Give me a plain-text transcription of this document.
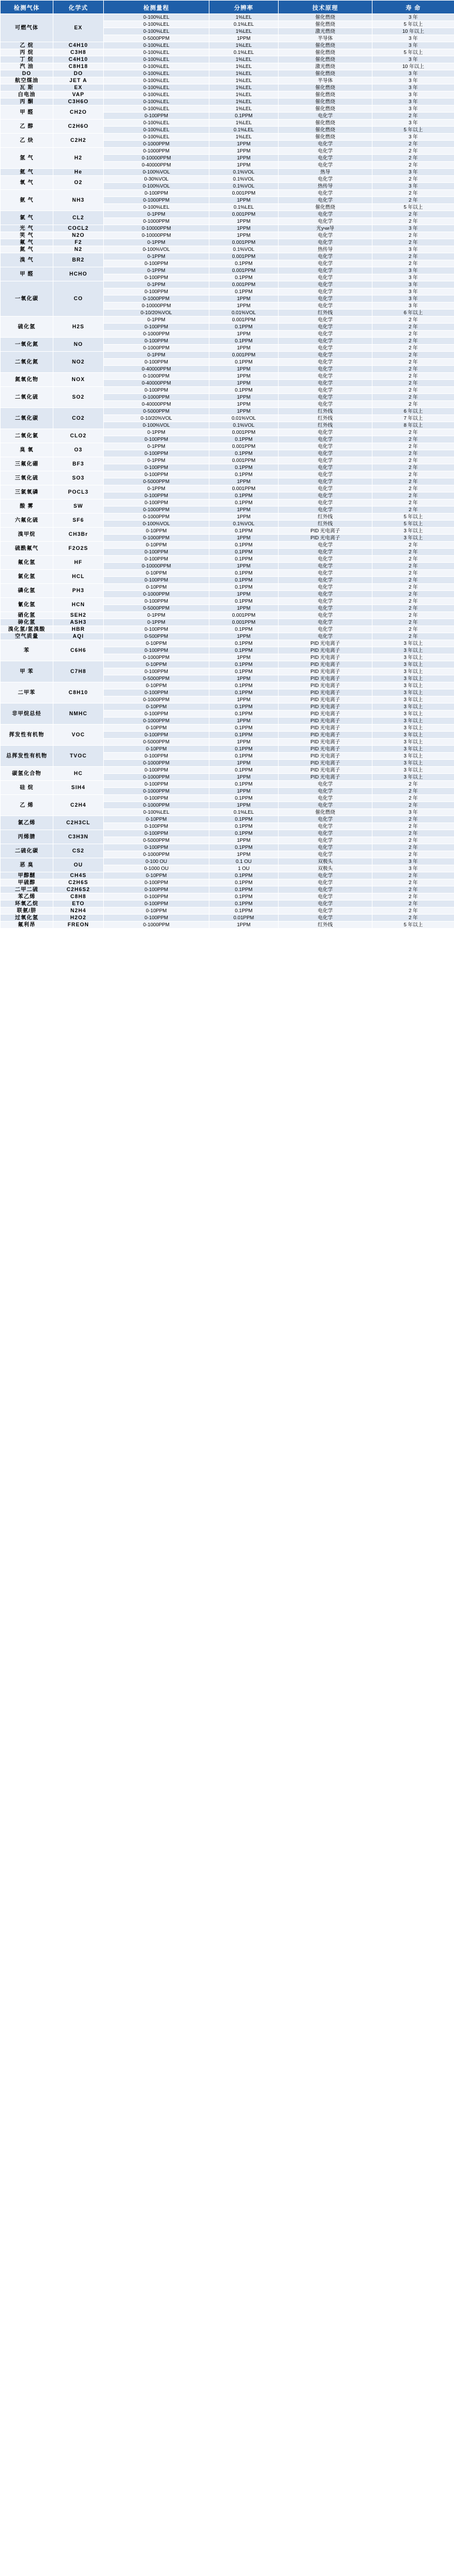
检测气体	化学式	检测量程	分辨率	技术原理	寿 命
可燃气体	EX	0-100%LEL	1%LEL	催化燃烧	3 年
		0-100%LEL	0.1%LEL	催化燃烧	5 年以上
		0-100%LEL	1%LEL	激光燃烧	10 年以上
		0-5000PPM	1PPM	半导体	3 年
乙 烷	C4H10	0-100%LEL	1%LEL	催化燃烧	3 年
丙 烷	C3H8	0-100%LEL	0.1%LEL	催化燃烧	5 年以上
丁 烷	C4H10	0-100%LEL	1%LEL	催化燃烧	3 年
汽 油	C8H18	0-100%LEL	1%LEL	激光燃烧	10 年以上
DO	DO	0-100%LEL	1%LEL	催化燃烧	3 年
航空煤油	JET A	0-100%LEL	1%LEL	半导体	3 年
瓦 斯	EX	0-100%LEL	1%LEL	催化燃烧	3 年
白电油	VAP	0-100%LEL	1%LEL	催化燃烧	3 年
丙 酮	C3H6O	0-100%LEL	1%LEL	催化燃烧	3 年
甲 醛	CH2O	0-100%LEL	1%LEL	催化燃烧	3 年
		0-100PPM	0.1PPM	电化学	2 年
乙 醇	C2H6O	0-100%LEL	1%LEL	催化燃烧	3 年
		0-100%LEL	0.1%LEL	催化燃烧	5 年以上
乙 炔	C2H2	0-100%LEL	1%LEL	催化燃烧	3 年
		0-1000PPM	1PPM	电化学	2 年
氢 气	H2	0-1000PPM	1PPM	电化学	2 年
		0-10000PPM	1PPM	电化学	2 年
		0-40000PPM	1PPM	电化学	2 年
氦 气	He	0-100%VOL	0.1%VOL	热导	3 年
氧 气	O2	0-30%VOL	0.1%VOL	电化学	2 年
		0-100%VOL	0.1%VOL	热传导	3 年
氨 气	NH3	0-100PPM	0.001PPM	电化学	2 年
		0-1000PPM	1PPM	电化学	2 年
		0-100%LEL	0.1%LEL	催化燃烧	5 年以上
氯 气	CL2	0-1PPM	0.001PPM	电化学	2 年
		0-1000PPM	1PPM	电化学	2 年
光 气	COCL2	0-10000PPM	1PPM	光учи导	3 年
笑 气	N2O	0-10000PPM	1PPM	电化学	2 年
氟 气	F2	0-1PPM	0.001PPM	电化学	2 年
氮 气	N2	0-100%VOL	0.1%VOL	热传导	3 年
溴 气	BR2	0-1PPM	0.001PPM	电化学	2 年
		0-100PPM	0.1PPM	电化学	2 年
甲 醛	HCHO	0-1PPM	0.001PPM	电化学	3 年
		0-100PPM	0.1PPM	电化学	3 年
一氧化碳	CO	0-1PPM	0.001PPM	电化学	3 年
		0-100PPM	0.1PPM	电化学	3 年
		0-1000PPM	1PPM	电化学	3 年
		0-10000PPM	1PPM	电化学	3 年
		0-10/20%VOL	0.01%VOL	红外线	6 年以上
硫化氢	H2S	0-1PPM	0.001PPM	电化学	2 年
		0-100PPM	0.1PPM	电化学	2 年
		0-1000PPM	1PPM	电化学	2 年
一氧化氮	NO	0-100PPM	0.1PPM	电化学	2 年
		0-1000PPM	1PPM	电化学	2 年
二氧化氮	NO2	0-1PPM	0.001PPM	电化学	2 年
		0-100PPM	0.1PPM	电化学	2 年
		0-40000PPM	1PPM	电化学	2 年
氮氧化物	NOX	0-1000PPM	1PPM	电化学	2 年
		0-40000PPM	1PPM	电化学	2 年
二氧化硫	SO2	0-100PPM	0.1PPM	电化学	2 年
		0-1000PPM	1PPM	电化学	2 年
		0-40000PPM	1PPM	电化学	2 年
二氧化碳	CO2	0-5000PPM	1PPM	红外线	6 年以上
		0-10/20%VOL	0.01%VOL	红外线	7 年以上
		0-100%VOL	0.1%VOL	红外线	8 年以上
二氧化氯	CLO2	0-1PPM	0.001PPM	电化学	2 年
		0-100PPM	0.1PPM	电化学	2 年
臭 氧	O3	0-1PPM	0.001PPM	电化学	2 年
		0-100PPM	0.1PPM	电化学	2 年
三氟化硼	BF3	0-1PPM	0.001PPM	电化学	2 年
		0-100PPM	0.1PPM	电化学	2 年
三氧化硫	SO3	0-100PPM	0.1PPM	电化学	2 年
		0-5000PPM	1PPM	电化学	2 年
三氯氧磷	POCL3	0-1PPM	0.001PPM	电化学	2 年
		0-100PPM	0.1PPM	电化学	2 年
酸 雾	SW	0-100PPM	0.1PPM	电化学	2 年
		0-1000PPM	1PPM	电化学	2 年
六氟化硫	SF6	0-1000PPM	1PPM	红外线	5 年以上
		0-100%VOL	0.1%VOL	红外线	5 年以上
溴甲烷	CH3Br	0-10PPM	0.1PPM	PID 光电离子	3 年以上
		0-1000PPM	1PPM	PID 光电离子	3 年以上
硫酰氟气	F2O2S	0-10PPM	0.1PPM	电化学	2 年
		0-100PPM	0.1PPM	电化学	2 年
氟化氢	HF	0-100PPM	0.1PPM	电化学	2 年
		0-10000PPM	1PPM	电化学	2 年
氯化氢	HCL	0-10PPM	0.1PPM	电化学	2 年
		0-100PPM	0.1PPM	电化学	2 年
磷化氢	PH3	0-10PPM	0.1PPM	电化学	2 年
		0-1000PPM	1PPM	电化学	2 年
氰化氢	HCN	0-100PPM	0.1PPM	电化学	2 年
		0-5000PPM	1PPM	电化学	2 年
硒化氢	SEH2	0-1PPM	0.001PPM	电化学	2 年
砷化氢	ASH3	0-1PPM	0.001PPM	电化学	2 年
溴化氢/氢溴酸	HBR	0-100PPM	0.1PPM	电化学	2 年
空气质量	AQI	0-500PPM	1PPM	电化学	2 年
苯	C6H6	0-10PPM	0.1PPM	PID 光电离子	3 年以上
		0-100PPM	0.1PPM	PID 光电离子	3 年以上
		0-1000PPM	1PPM	PID 光电离子	3 年以上
甲 苯	C7H8	0-10PPM	0.1PPM	PID 光电离子	3 年以上
		0-100PPM	0.1PPM	PID 光电离子	3 年以上
		0-5000PPM	1PPM	PID 光电离子	3 年以上
二甲苯	C8H10	0-10PPM	0.1PPM	PID 光电离子	3 年以上
		0-100PPM	0.1PPM	PID 光电离子	3 年以上
		0-1000PPM	1PPM	PID 光电离子	3 年以上
非甲烷总烃	NMHC	0-10PPM	0.1PPM	PID 光电离子	3 年以上
		0-100PPM	0.1PPM	PID 光电离子	3 年以上
		0-1000PPM	1PPM	PID 光电离子	3 年以上
挥发性有机物	VOC	0-10PPM	0.1PPM	PID 光电离子	3 年以上
		0-100PPM	0.1PPM	PID 光电离子	3 年以上
		0-5000PPM	1PPM	PID 光电离子	3 年以上
总挥发性有机物	TVOC	0-10PPM	0.1PPM	PID 光电离子	3 年以上
		0-100PPM	0.1PPM	PID 光电离子	3 年以上
		0-1000PPM	1PPM	PID 光电离子	3 年以上
碳氢化合物	HC	0-100PPM	0.1PPM	PID 光电离子	3 年以上
		0-1000PPM	1PPM	PID 光电离子	3 年以上
硅 烷	SIH4	0-100PPM	0.1PPM	电化学	2 年
		0-1000PPM	1PPM	电化学	2 年
乙 烯	C2H4	0-100PPM	0.1PPM	电化学	2 年
		0-1000PPM	1PPM	电化学	2 年
		0-100%LEL	0.1%LEL	催化燃烧	3 年
氯乙烯	C2H3CL	0-10PPM	0.1PPM	电化学	2 年
		0-100PPM	0.1PPM	电化学	2 年
丙烯腈	C3H3N	0-100PPM	0.1PPM	电化学	2 年
		0-5000PPM	1PPM	电化学	2 年
二硫化碳	CS2	0-100PPM	0.1PPM	电化学	2 年
		0-1000PPM	1PPM	电化学	2 年
恶 臭	OU	0-100 OU	0.1 OU	双极头	3 年
		0-1000 OU	1 OU	双极头	3 年
甲醇醚	CH4S	0-10PPM	0.1PPM	电化学	2 年
甲硫醇	C2H6S	0-100PPM	0.1PPM	电化学	2 年
二甲二硫	C2H6S2	0-100PPM	0.1PPM	电化学	2 年
苯乙烯	C8H8	0-100PPM	0.1PPM	电化学	2 年
环氧乙烷	ETO	0-100PPM	0.1PPM	电化学	2 年
联氨/肼	N2H4	0-10PPM	0.1PPM	电化学	2 年
过氧化氢	H2O2	0-100PPM	0.01PPM	电化学	2 年
氟利昂	FREON	0-1000PPM	1PPM	红外线	5 年以上
